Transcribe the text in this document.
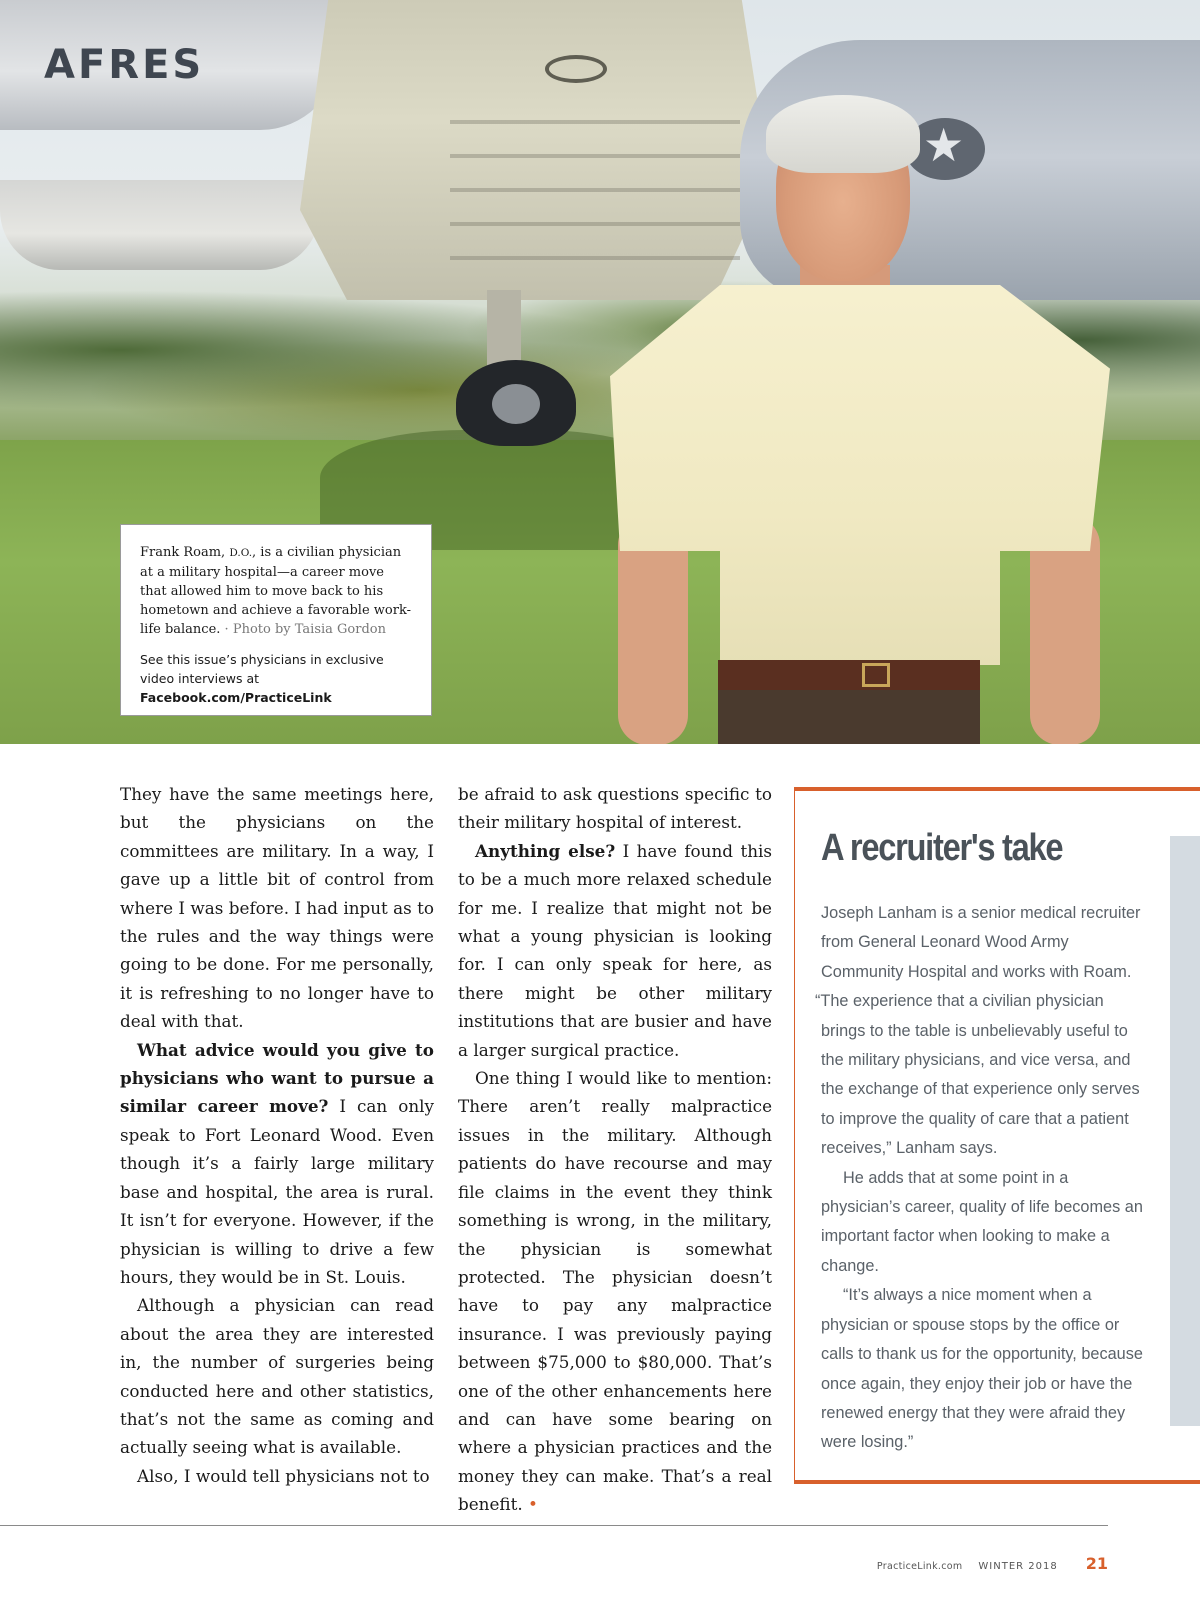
AFRES
★
Frank Roam, D.O., is a civilian physician at a military hospital—a career move that allowed him to move back to his hometown and achieve a favorable work-life balance. · Photo by Taisia Gordon
See this issue’s physicians in exclusive video interviews at
Facebook.com/PracticeLink

They have the same meetings here, but the physicians on the committees are military. In a way, I gave up a little bit of control from where I was before. I had input as to the rules and the way things were going to be done. For me personally, it is refreshing to no longer have to deal with that.

What advice would you give to physicians who want to pursue a similar career move? I can only speak to Fort Leonard Wood. Even though it’s a fairly large military base and hospital, the area is rural. It isn’t for everyone. However, if the physician is willing to drive a few hours, they would be in St. Louis.

Although a physician can read about the area they are interested in, the number of surgeries being conducted here and other statistics, that’s not the same as coming and actually seeing what is available.

Also, I would tell physicians not to

be afraid to ask questions specific to their military hospital of interest.

Anything else? I have found this to be a much more relaxed schedule for me. I realize that might not be what a young physician is looking for. I can only speak for here, as there might be other military institutions that are busier and have a larger surgical practice.

One thing I would like to mention: There aren’t really malpractice issues in the military. Although patients do have recourse and may file claims in the event they think something is wrong, in the military, the physician is somewhat protected. The physician doesn’t have to pay any malpractice insurance. I was previously paying between $75,000 to $80,000. That’s one of the other enhancements here and can have some bearing on where a physician practices and the money they can make. That’s a real benefit. •

A recruiter's take

Joseph Lanham is a senior medical recruiter from General Leonard Wood Army Community Hospital and works with Roam.

“The experience that a civilian physician brings to the table is unbelievably useful to the military physicians, and vice versa, and the exchange of that experience only serves to improve the quality of care that a patient receives,” Lanham says.

He adds that at some point in a physician’s career, quality of life becomes an important factor when looking to make a change.

“It’s always a nice moment when a physician or spouse stops by the office or calls to thank us for the opportunity, because once again, they enjoy their job or have the renewed energy that they were afraid they were losing.”

PracticeLink.com WINTER 2018 21
